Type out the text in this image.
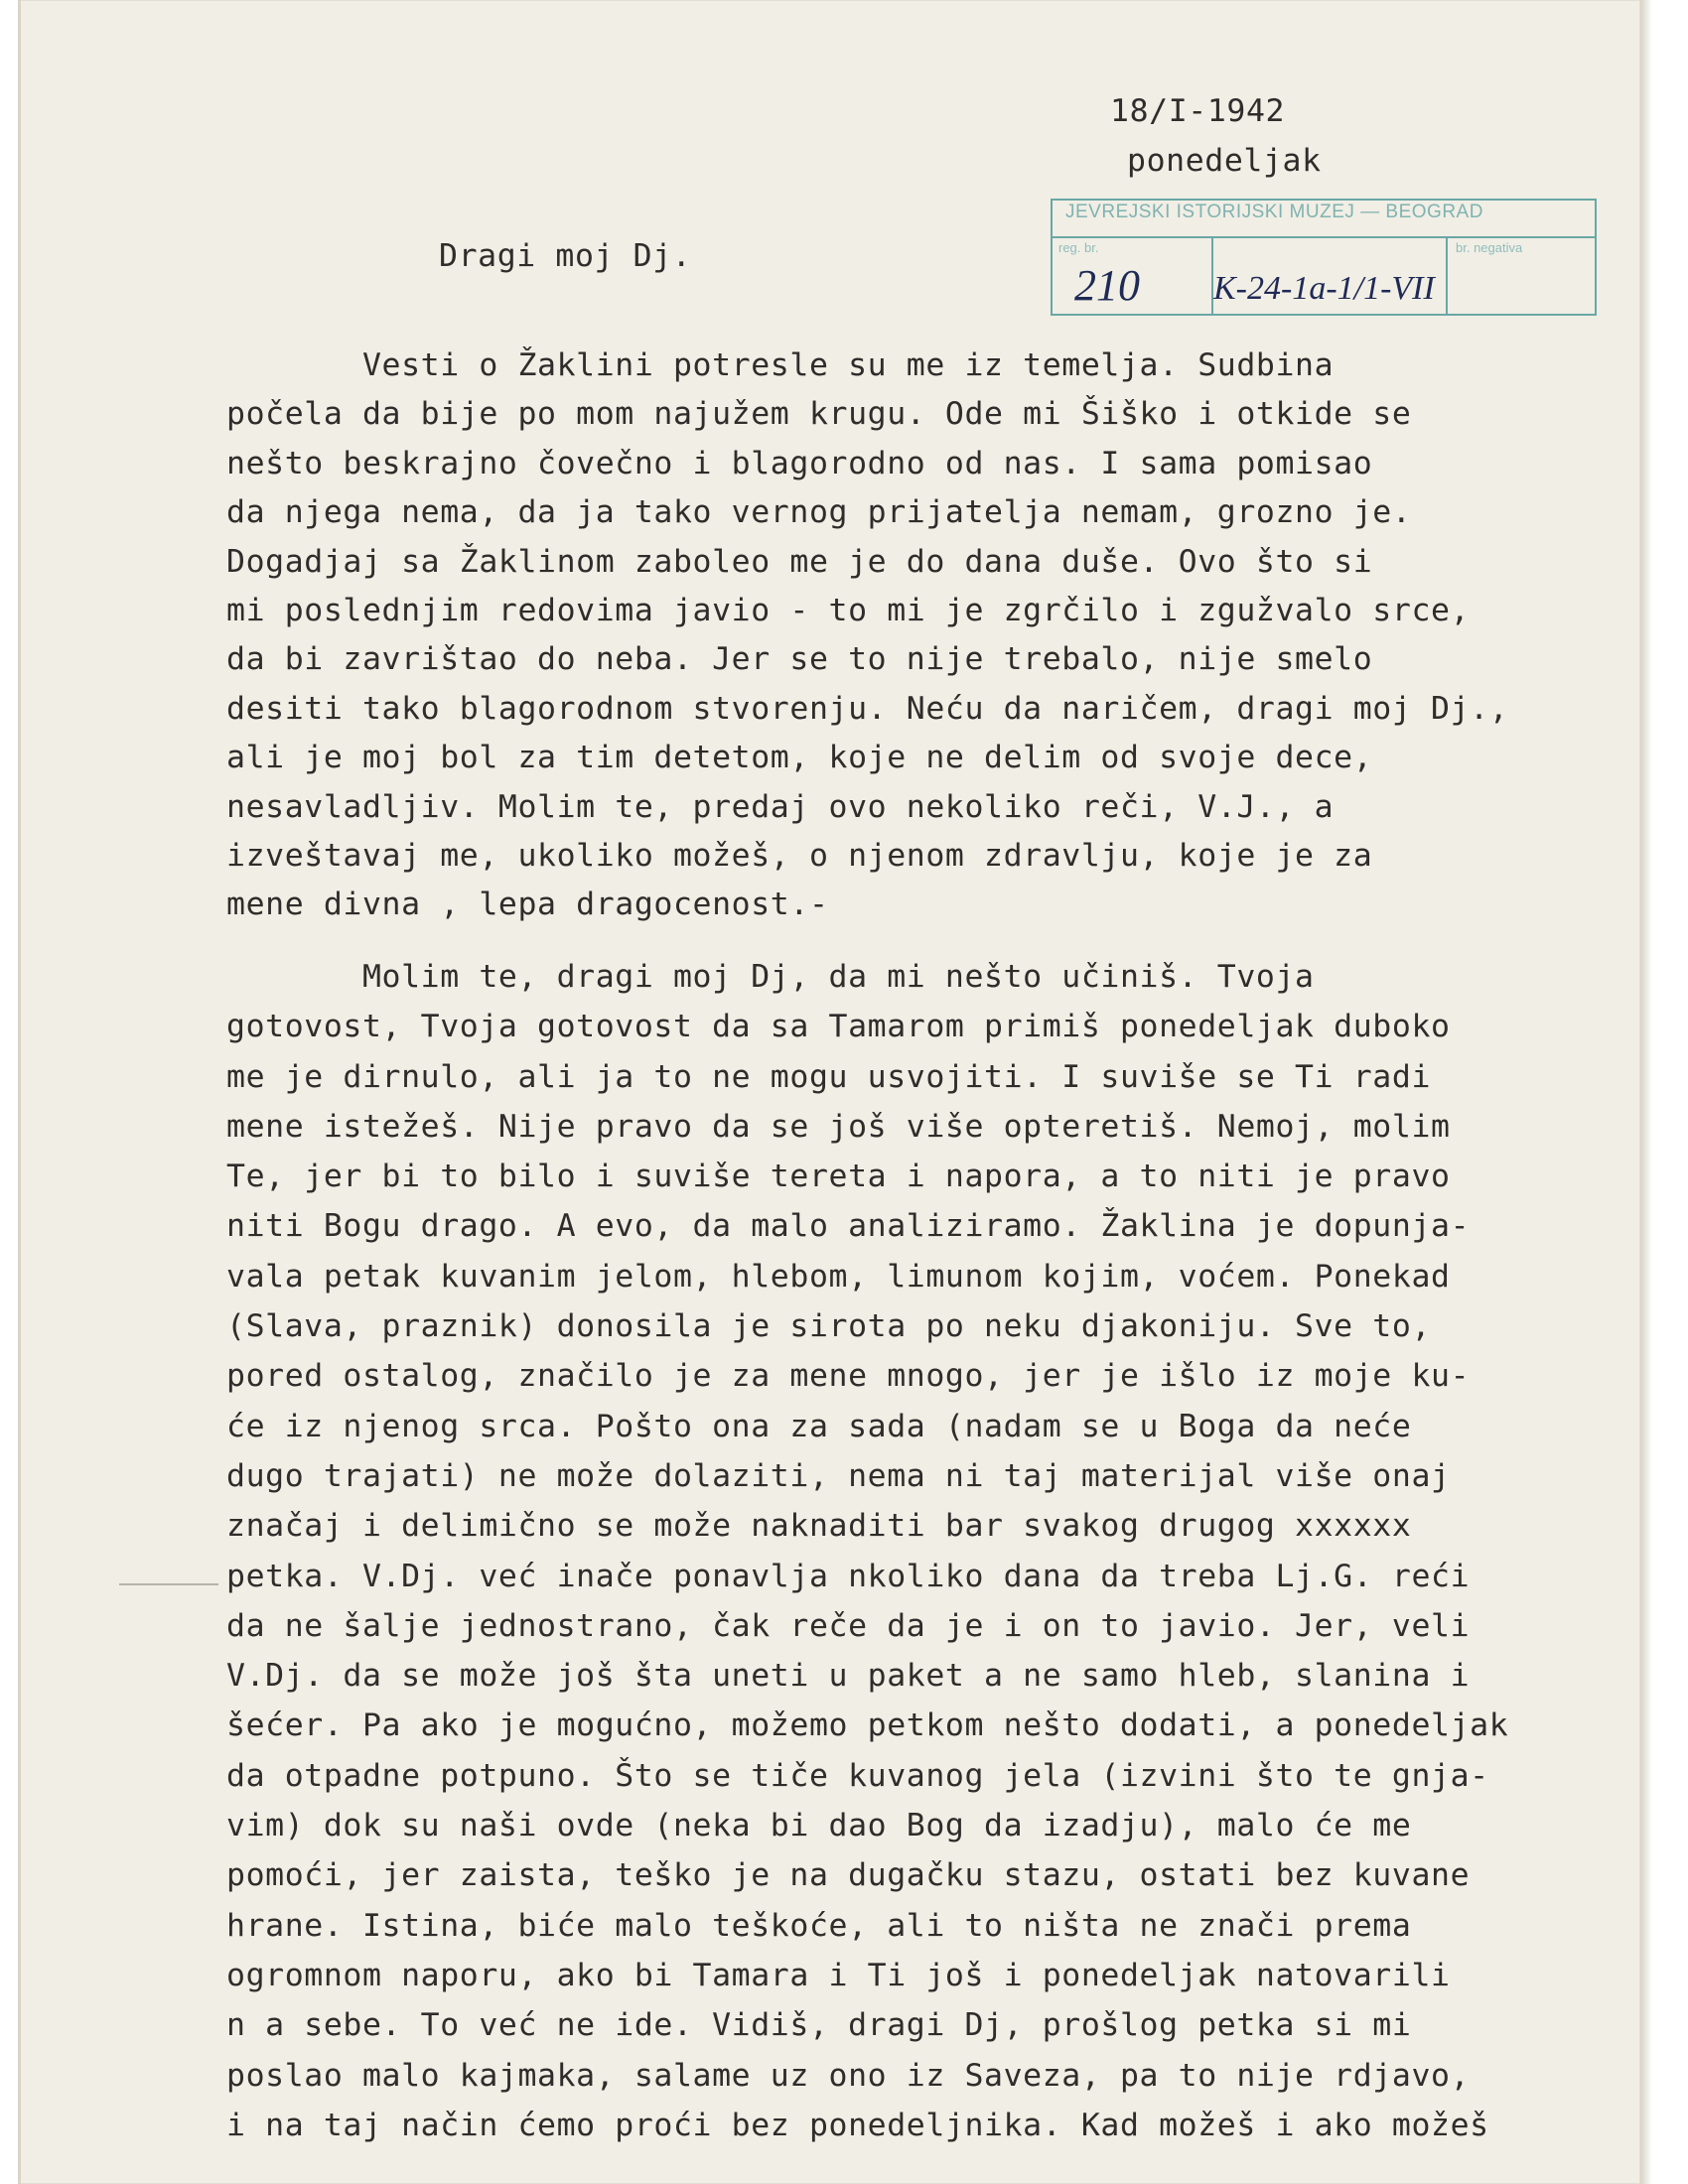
18/I-1942
ponedeljak
JEVREJSKI ISTORIJSKI MUZEJ — BEOGRAD
reg. br.	br. negativa
210 K-24-1a-1/1-VII
Dragi moj Dj.
Vesti o Žaklini potresle su me iz temelja. Sudbina
počela da bije po mom najužem krugu. Ode mi Šiško i otkide se
nešto beskrajno čovečno i blagorodno od nas. I sama pomisao
da njega nema, da ja tako vernog prijatelja nemam, grozno je.
Dogadjaj sa Žaklinom zaboleo me je do dana duše. Ovo što si
mi poslednjim redovima javio - to mi je zgrčilo i zgužvalo srce,
da bi zavrištao do neba. Jer se to nije trebalo, nije smelo
desiti tako blagorodnom stvorenju. Neću da naričem, dragi moj Dj.,
ali je moj bol za tim detetom, koje ne delim od svoje dece,
nesavladljiv. Molim te, predaj ovo nekoliko reči, V.J., a
izveštavaj me, ukoliko možeš, o njenom zdravlju, koje je za
mene divna , lepa dragocenost.-
Molim te, dragi moj Dj, da mi nešto učiniš. Tvoja
gotovost, Tvoja gotovost da sa Tamarom primiš ponedeljak duboko
me je dirnulo, ali ja to ne mogu usvojiti. I suviše se Ti radi
mene istežeš. Nije pravo da se još više opteretiš. Nemoj, molim
Te, jer bi to bilo i suviše tereta i napora, a to niti je pravo
niti Bogu drago. A evo, da malo analiziramo. Žaklina je dopunja-
vala petak kuvanim jelom, hlebom, limunom kojim, voćem. Ponekad
(Slava, praznik) donosila je sirota po neku djakoniju. Sve to,
pored ostalog, značilo je za mene mnogo, jer je išlo iz moje ku-
će iz njenog srca. Pošto ona za sada (nadam se u Boga da neće
dugo trajati) ne može dolaziti, nema ni taj materijal više onaj
značaj i delimično se može naknaditi bar svakog drugog xxxxxx
petka. V.Dj. već inače ponavlja nkoliko dana da treba Lj.G. reći
da ne šalje jednostrano, čak reče da je i on to javio. Jer, veli
V.Dj. da se može još šta uneti u paket a ne samo hleb, slanina i
šećer. Pa ako je mogućno, možemo petkom nešto dodati, a ponedeljak
da otpadne potpuno. Što se tiče kuvanog jela (izvini što te gnja-
vim) dok su naši ovde (neka bi dao Bog da izadju), malo će me
pomoći, jer zaista, teško je na dugačku stazu, ostati bez kuvane
hrane. Istina, biće malo teškoće, ali to ništa ne znači prema
ogromnom naporu, ako bi Tamara i Ti još i ponedeljak natovarili
n a sebe. To već ne ide. Vidiš, dragi Dj, prošlog petka si mi
poslao malo kajmaka, salame uz ono iz Saveza, pa to nije rdjavo,
i na taj način ćemo proći bez ponedeljnika. Kad možeš i ako možeš
